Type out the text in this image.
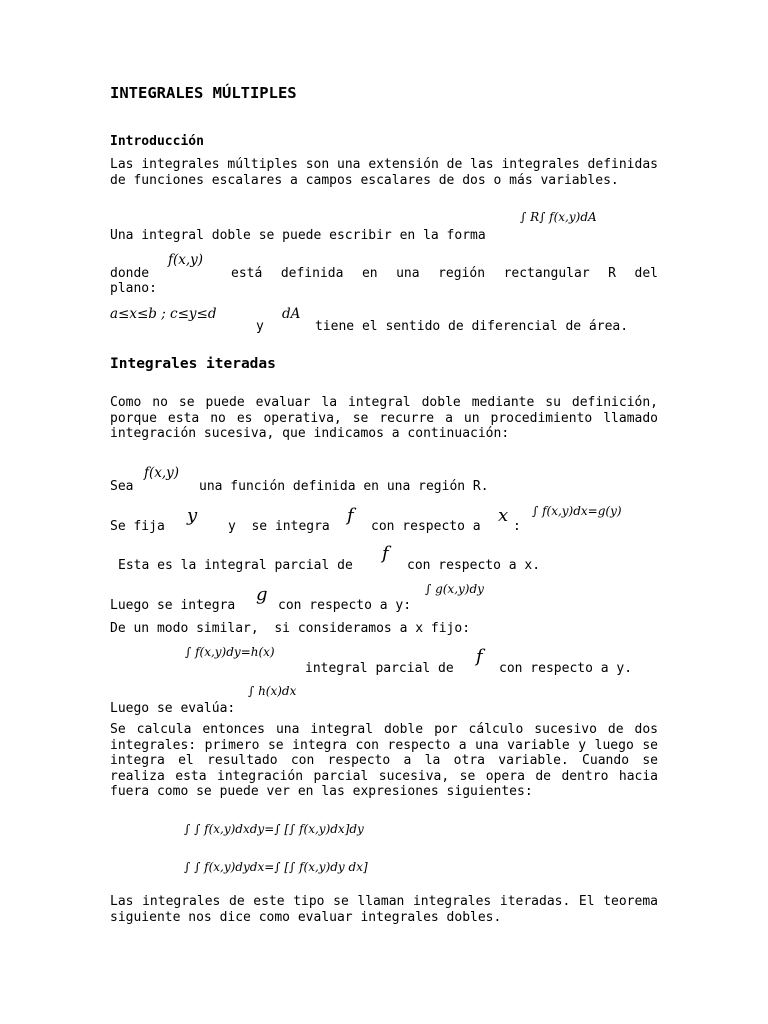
INTEGRALES MÚLTIPLES
Introducción
Las integrales múltiples son una extensión de las integrales definidas de funciones escalares a campos escalares de dos o más variables.
∫ R∫ f(x,y)dA
Una integral doble se puede escribir en la forma
f(x,y)
donde	está definida en una región rectangular R del
plano:
a≤x≤b ; c≤y≤d
y
dA
tiene el sentido de diferencial de área.
Integrales iteradas
Como no se puede evaluar la integral doble mediante su definición, porque esta no es operativa, se recurre a un procedimiento llamado integración sucesiva, que indicamos a continuación:
f(x,y)
Sea	una función definida en una región R.
Se fija
y
y  se integra
f
con respecto a
x
:
∫ f(x,y)dx=g(y)
Esta es la integral parcial de
f
con respecto a x.
∫ g(x,y)dy
Luego se integra
g
con respecto a y:
De un modo similar,  si consideramos a x fijo:
∫ f(x,y)dy=h(x)
integral parcial de
f
con respecto a y.
∫ h(x)dx
Luego se evalúa:
Se calcula entonces una integral doble por cálculo sucesivo de dos integrales: primero se integra con respecto a una variable y luego se integra el resultado con respecto a la otra variable. Cuando se realiza esta integración parcial sucesiva, se opera de dentro hacia fuera como se puede ver en las expresiones siguientes:
∫ ∫ f(x,y)dxdy=∫ [∫ f(x,y)dx]dy
∫ ∫ f(x,y)dydx=∫ [∫ f(x,y)dy dx]
Las integrales de este tipo se llaman integrales iteradas. El teorema siguiente nos dice como evaluar integrales dobles.
